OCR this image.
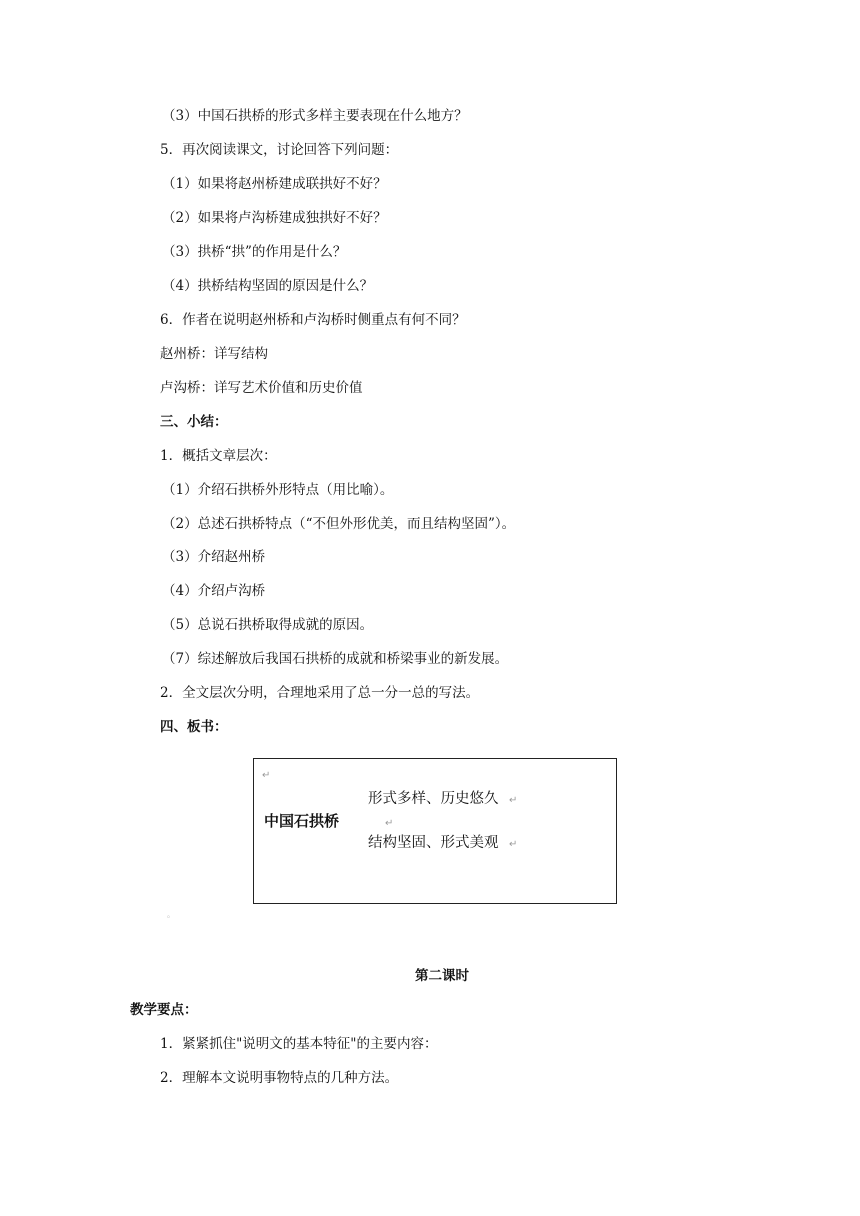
（3）中国石拱桥的形式多样主要表现在什么地方？
5．再次阅读课文，讨论回答下列问题：
（1）如果将赵州桥建成联拱好不好？
（2）如果将卢沟桥建成独拱好不好？
（3）拱桥“拱”的作用是什么？
（4）拱桥结构坚固的原因是什么？
6．作者在说明赵州桥和卢沟桥时侧重点有何不同？
赵州桥：详写结构
卢沟桥：详写艺术价值和历史价值
三、小结：
1．概括文章层次：
（1）介绍石拱桥外形特点（用比喻）。
（2）总述石拱桥特点（“不但外形优美，而且结构坚固”）。
（3）介绍赵州桥
（4）介绍卢沟桥
（5）总说石拱桥取得成就的原因。
（7）综述解放后我国石拱桥的成就和桥梁事业的新发展。
2．全文层次分明，合理地采用了总一分一总的写法。
四、板书：
↵
中国石拱桥
形式多样、历史悠久 ↵
↵
结构坚固、形式美观 ↵
。
第二课时
教学要点：
1．紧紧抓住"说明文的基本特征"的主要内容：
2．理解本文说明事物特点的几种方法。
